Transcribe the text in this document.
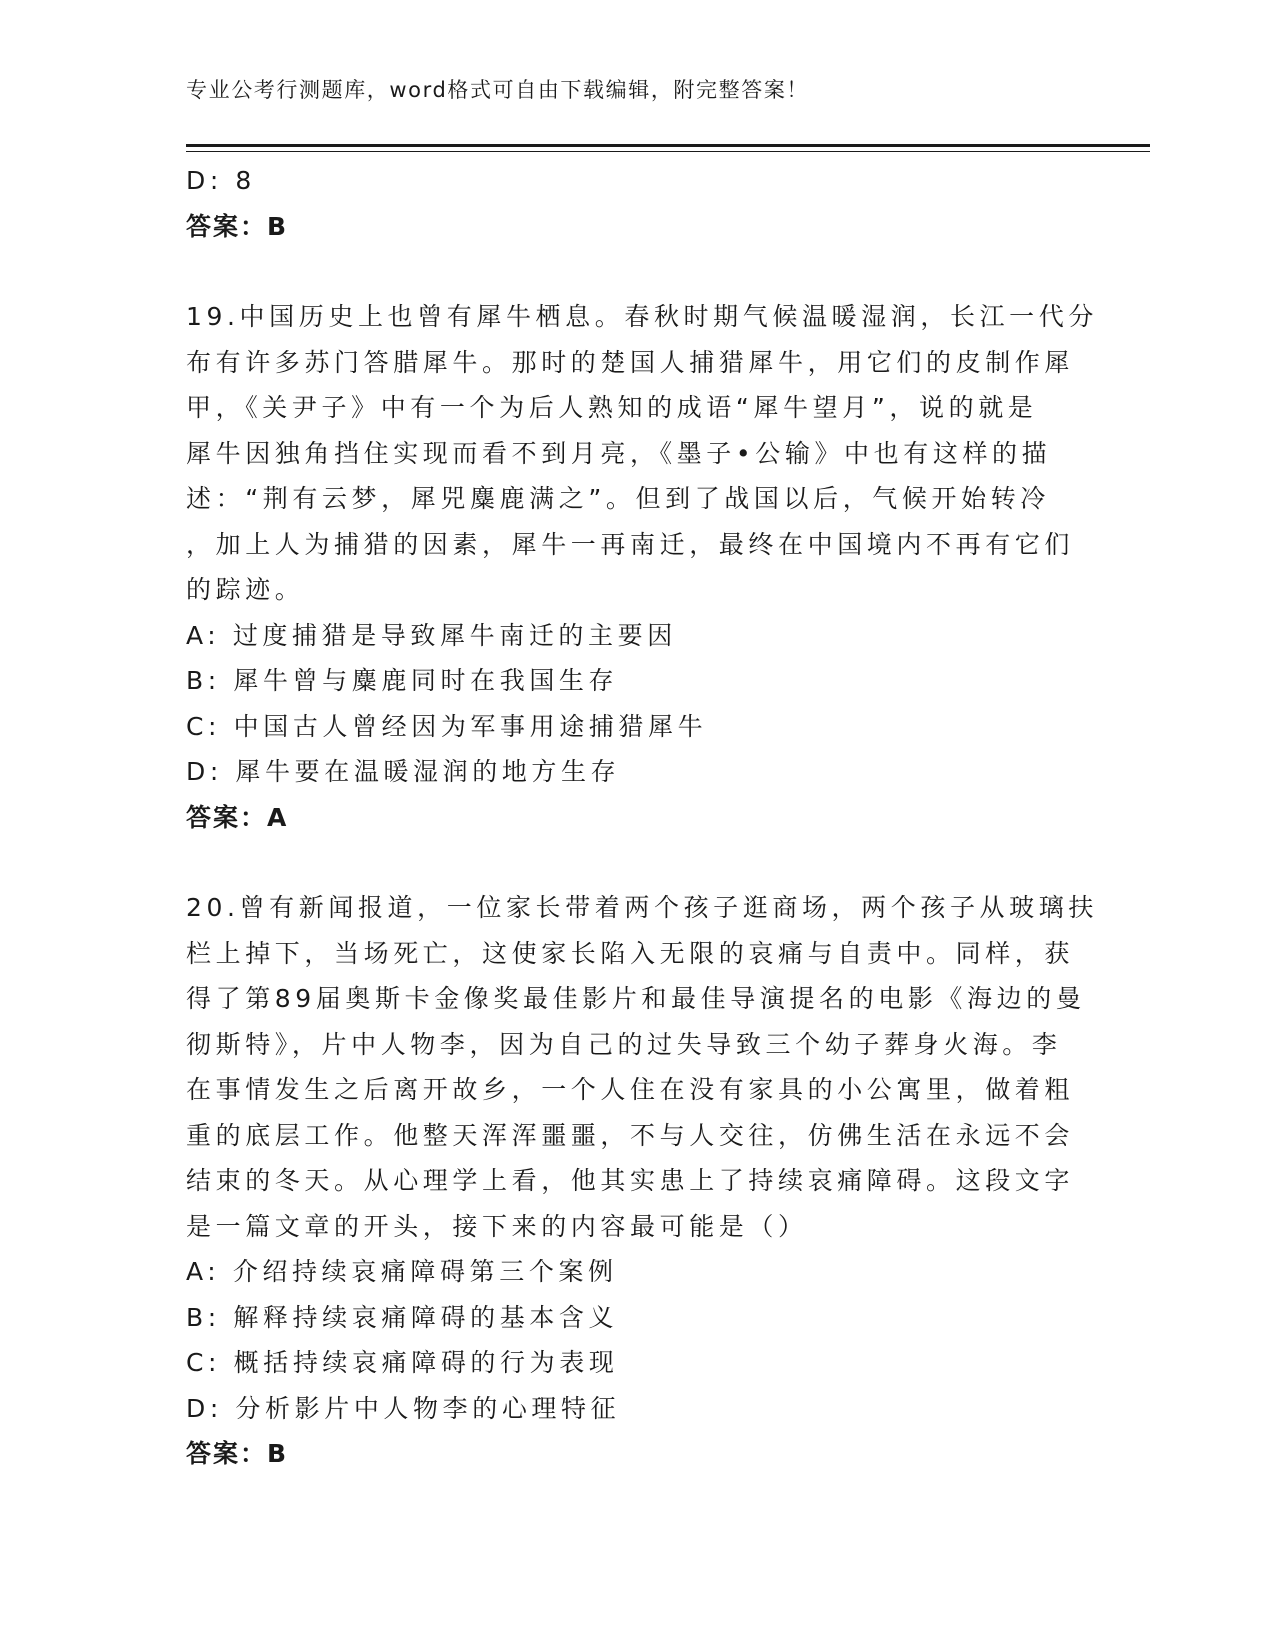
专业公考行测题库，word格式可自由下载编辑，附完整答案！
D: 8
答案：B
19.中国历史上也曾有犀牛栖息。春秋时期气候温暖湿润，长江一代分
布有许多苏门答腊犀牛。那时的楚国人捕猎犀牛，用它们的皮制作犀
甲，《关尹子》中有一个为后人熟知的成语“犀牛望月”，说的就是
犀牛因独角挡住实现而看不到月亮，《墨子•公输》中也有这样的描
述：“荆有云梦，犀兕麋鹿满之”。但到了战国以后，气候开始转冷
，加上人为捕猎的因素，犀牛一再南迁，最终在中国境内不再有它们
的踪迹。
A: 过度捕猎是导致犀牛南迁的主要因
B: 犀牛曾与麋鹿同时在我国生存
C: 中国古人曾经因为军事用途捕猎犀牛
D: 犀牛要在温暖湿润的地方生存
答案：A
20.曾有新闻报道，一位家长带着两个孩子逛商场，两个孩子从玻璃扶
栏上掉下，当场死亡，这使家长陷入无限的哀痛与自责中。同样，获
得了第89届奥斯卡金像奖最佳影片和最佳导演提名的电影《海边的曼
彻斯特》，片中人物李，因为自己的过失导致三个幼子葬身火海。李
在事情发生之后离开故乡，一个人住在没有家具的小公寓里，做着粗
重的底层工作。他整天浑浑噩噩，不与人交往，仿佛生活在永远不会
结束的冬天。从心理学上看，他其实患上了持续哀痛障碍。这段文字
是一篇文章的开头，接下来的内容最可能是（）
A: 介绍持续哀痛障碍第三个案例
B: 解释持续哀痛障碍的基本含义
C: 概括持续哀痛障碍的行为表现
D: 分析影片中人物李的心理特征
答案：B
